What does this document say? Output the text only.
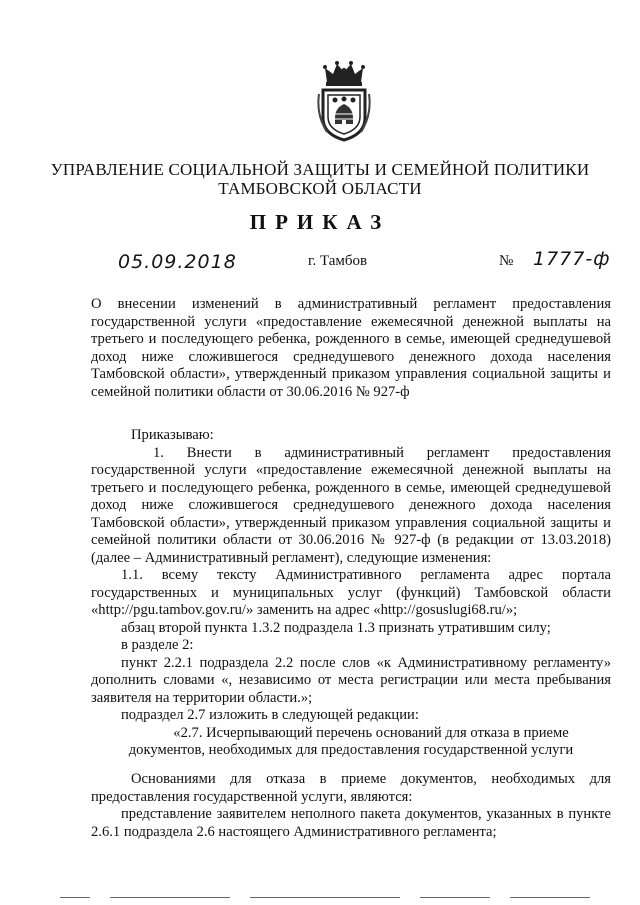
УПРАВЛЕНИЕ СОЦИАЛЬНОЙ ЗАЩИТЫ И СЕМЕЙНОЙ ПОЛИТИКИ
ТАМБОВСКОЙ ОБЛАСТИ
ПРИКАЗ
05.09.2018	г. Тамбов	№ 1777-ф
О внесении изменений в административный регламент предоставления государственной услуги «предоставление ежемесячной денежной выплаты на третьего и последующего ребенка, рожденного в семье, имеющей среднедушевой доход ниже сложившегося среднедушевого денежного дохода населения Тамбовской области», утвержденный приказом управления социальной защиты и семейной политики области от 30.06.2016 № 927-ф
Приказываю:
1. Внести в административный регламент предоставления государственной услуги «предоставление ежемесячной денежной выплаты на третьего и последующего ребенка, рожденного в семье, имеющей среднедушевой доход ниже сложившегося среднедушевого денежного дохода населения Тамбовской области», утвержденный приказом управления социальной защиты и семейной политики области от 30.06.2016 № 927-ф (в редакции от 13.03.2018) (далее – Административный регламент), следующие изменения:
1.1. всему тексту Административного регламента адрес портала государственных и муниципальных услуг (функций) Тамбовской области «http://pgu.tambov.gov.ru/» заменить на адрес «http://gosuslugi68.ru/»;
абзац второй пункта 1.3.2 подраздела 1.3 признать утратившим силу;
в разделе 2:
пункт 2.2.1 подраздела 2.2 после слов «к Административному регламенту» дополнить словами «, независимо от места регистрации или места пребывания заявителя на территории области.»;
подраздел 2.7 изложить в следующей редакции:
«2.7. Исчерпывающий перечень оснований для отказа в приеме
документов, необходимых для предоставления государственной услуги
Основаниями для отказа в приеме документов, необходимых для предоставления государственной услуги, являются:
представление заявителем неполного пакета документов, указанных в пункте 2.6.1 подраздела 2.6 настоящего Административного регламента;
